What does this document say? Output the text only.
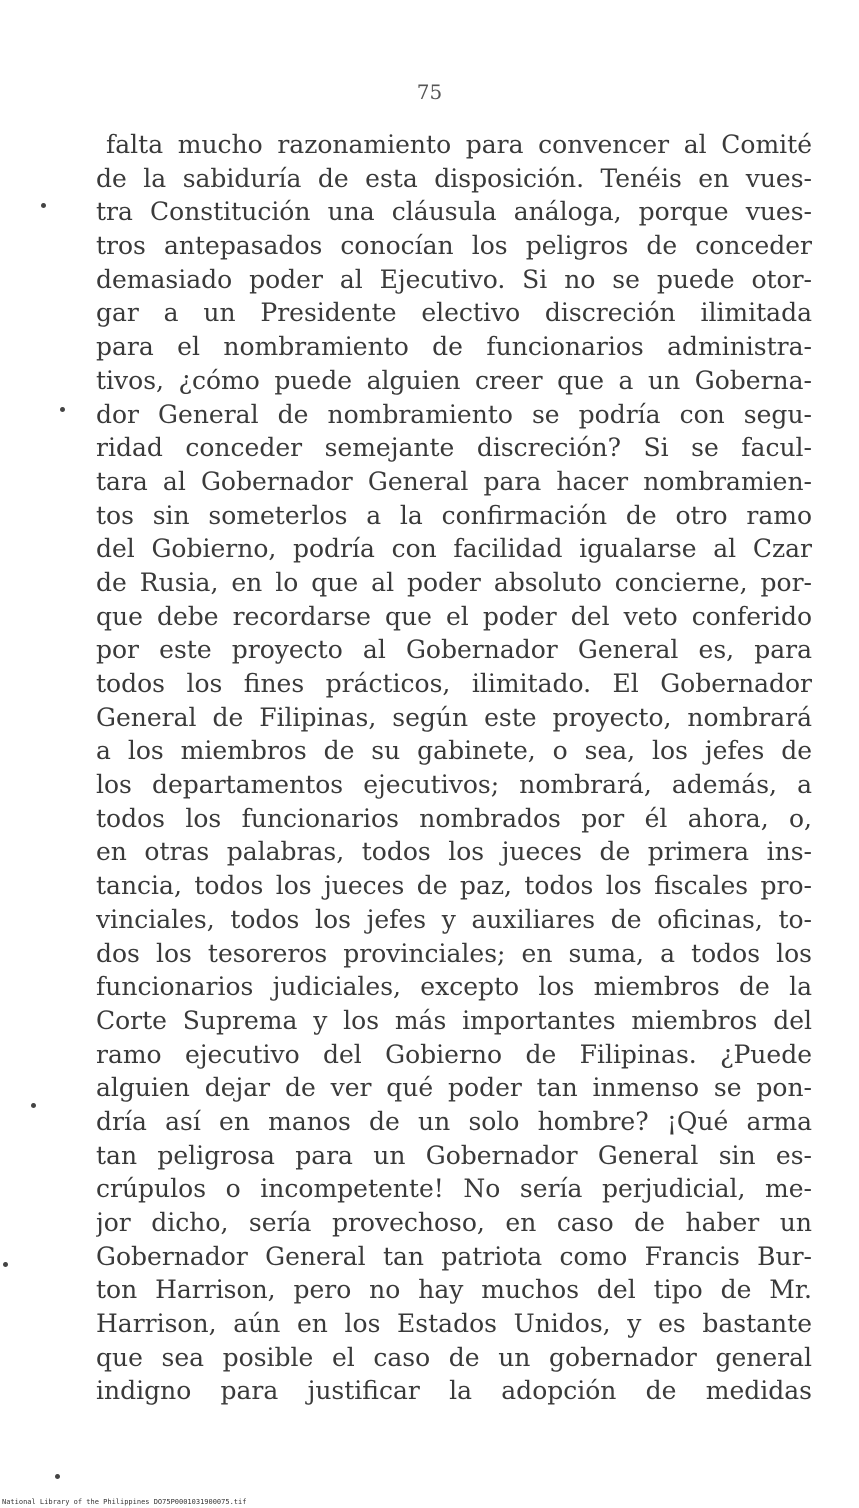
75
falta mucho razonamiento para convencer al Comité
de la sabiduría de esta disposición. Tenéis en vues-
tra Constitución una cláusula análoga, porque vues-
tros antepasados conocían los peligros de conceder
demasiado poder al Ejecutivo. Si no se puede otor-
gar a un Presidente electivo discreción ilimitada
para el nombramiento de funcionarios administra-
tivos, ¿cómo puede alguien creer que a un Goberna-
dor General de nombramiento se podría con segu-
ridad conceder semejante discreción? Si se facul-
tara al Gobernador General para hacer nombramien-
tos sin someterlos a la confirmación de otro ramo
del Gobierno, podría con facilidad igualarse al Czar
de Rusia, en lo que al poder absoluto concierne, por-
que debe recordarse que el poder del veto conferido
por este proyecto al Gobernador General es, para
todos los fines prácticos, ilimitado. El Gobernador
General de Filipinas, según este proyecto, nombrará
a los miembros de su gabinete, o sea, los jefes de
los departamentos ejecutivos; nombrará, además, a
todos los funcionarios nombrados por él ahora, o,
en otras palabras, todos los jueces de primera ins-
tancia, todos los jueces de paz, todos los fiscales pro-
vinciales, todos los jefes y auxiliares de oficinas, to-
dos los tesoreros provinciales; en suma, a todos los
funcionarios judiciales, excepto los miembros de la
Corte Suprema y los más importantes miembros del
ramo ejecutivo del Gobierno de Filipinas. ¿Puede
alguien dejar de ver qué poder tan inmenso se pon-
dría así en manos de un solo hombre? ¡Qué arma
tan peligrosa para un Gobernador General sin es-
crúpulos o incompetente! No sería perjudicial, me-
jor dicho, sería provechoso, en caso de haber un
Gobernador General tan patriota como Francis Bur-
ton Harrison, pero no hay muchos del tipo de Mr.
Harrison, aún en los Estados Unidos, y es bastante
que sea posible el caso de un gobernador general
indigno para justificar la adopción de medidas
National Library of the Philippines DO75P0001031900075.tif
